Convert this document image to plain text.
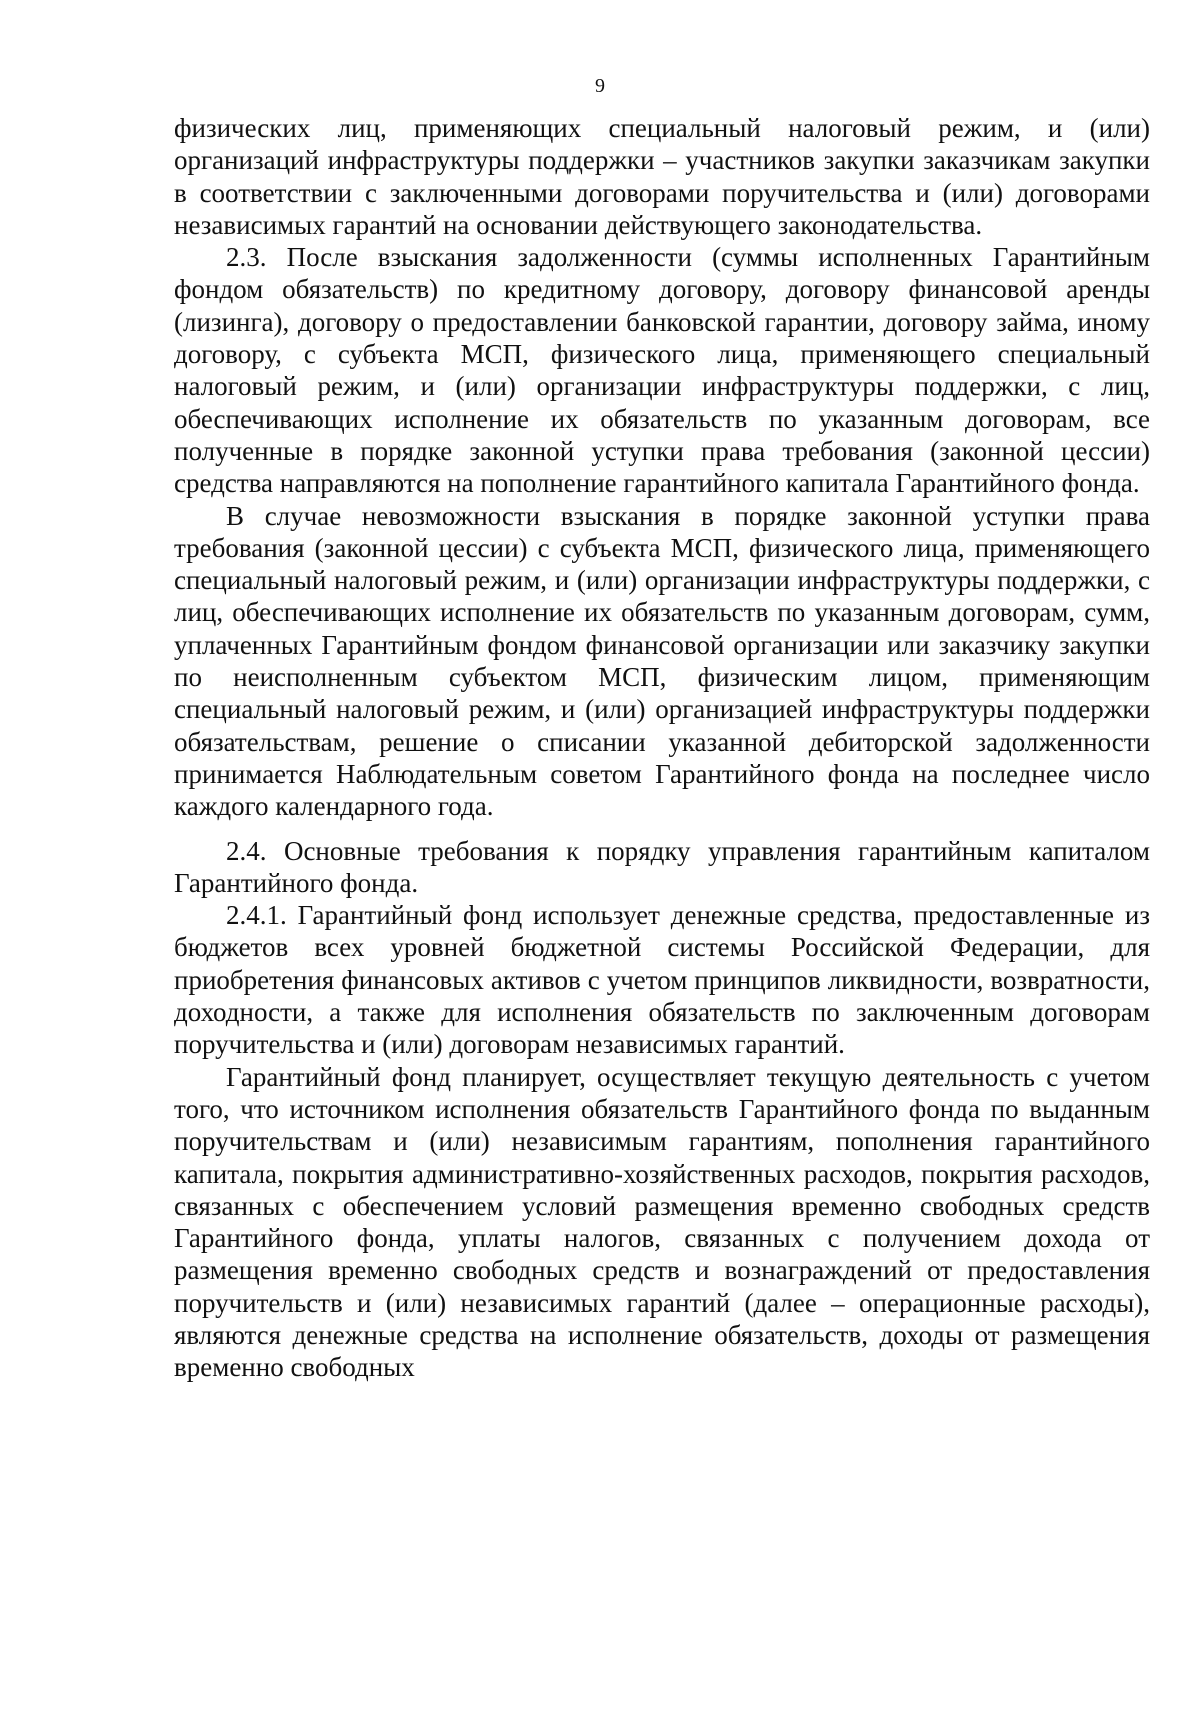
9

физических лиц, применяющих специальный налоговый режим, и (или) организаций инфраструктуры поддержки – участников закупки заказчикам закупки в соответствии с заключенными договорами поручительства и (или) договорами независимых гарантий на основании действующего законодательства.

2.3. После взыскания задолженности (суммы исполненных Гарантийным фондом обязательств) по кредитному договору, договору финансовой аренды (лизинга), договору о предоставлении банковской гарантии, договору займа, иному договору, с субъекта МСП, физического лица, применяющего специальный налоговый режим, и (или) организации инфраструктуры поддержки, с лиц, обеспечивающих исполнение их обязательств по указанным договорам, все полученные в порядке законной уступки права требования (законной цессии) средства направляются на пополнение гарантийного капитала Гарантийного фонда.

В случае невозможности взыскания в порядке законной уступки права требования (законной цессии) с субъекта МСП, физического лица, применяющего специальный налоговый режим, и (или) организации инфраструктуры поддержки, с лиц, обеспечивающих исполнение их обязательств по указанным договорам, сумм, уплаченных Гарантийным фондом финансовой организации или заказчику закупки по неисполненным субъектом МСП, физическим лицом, применяющим специальный налоговый режим, и (или) организацией инфраструктуры поддержки обязательствам, решение о списании указанной дебиторской задолженности принимается Наблюдательным советом Гарантийного фонда на последнее число каждого календарного года.

2.4. Основные требования к порядку управления гарантийным капиталом Гарантийного фонда.

2.4.1. Гарантийный фонд использует денежные средства, предоставленные из бюджетов всех уровней бюджетной системы Российской Федерации, для приобретения финансовых активов с учетом принципов ликвидности, возвратности, доходности, а также для исполнения обязательств по заключенным договорам поручительства и (или) договорам независимых гарантий.

Гарантийный фонд планирует, осуществляет текущую деятельность с учетом того, что источником исполнения обязательств Гарантийного фонда по выданным поручительствам и (или) независимым гарантиям, пополнения гарантийного капитала, покрытия административно-хозяйственных расходов, покрытия расходов, связанных с обеспечением условий размещения временно свободных средств Гарантийного фонда, уплаты налогов, связанных с получением дохода от размещения временно свободных средств и вознаграждений от предоставления поручительств и (или) независимых гарантий (далее – операционные расходы), являются денежные средства на исполнение обязательств, доходы от размещения временно свободных
